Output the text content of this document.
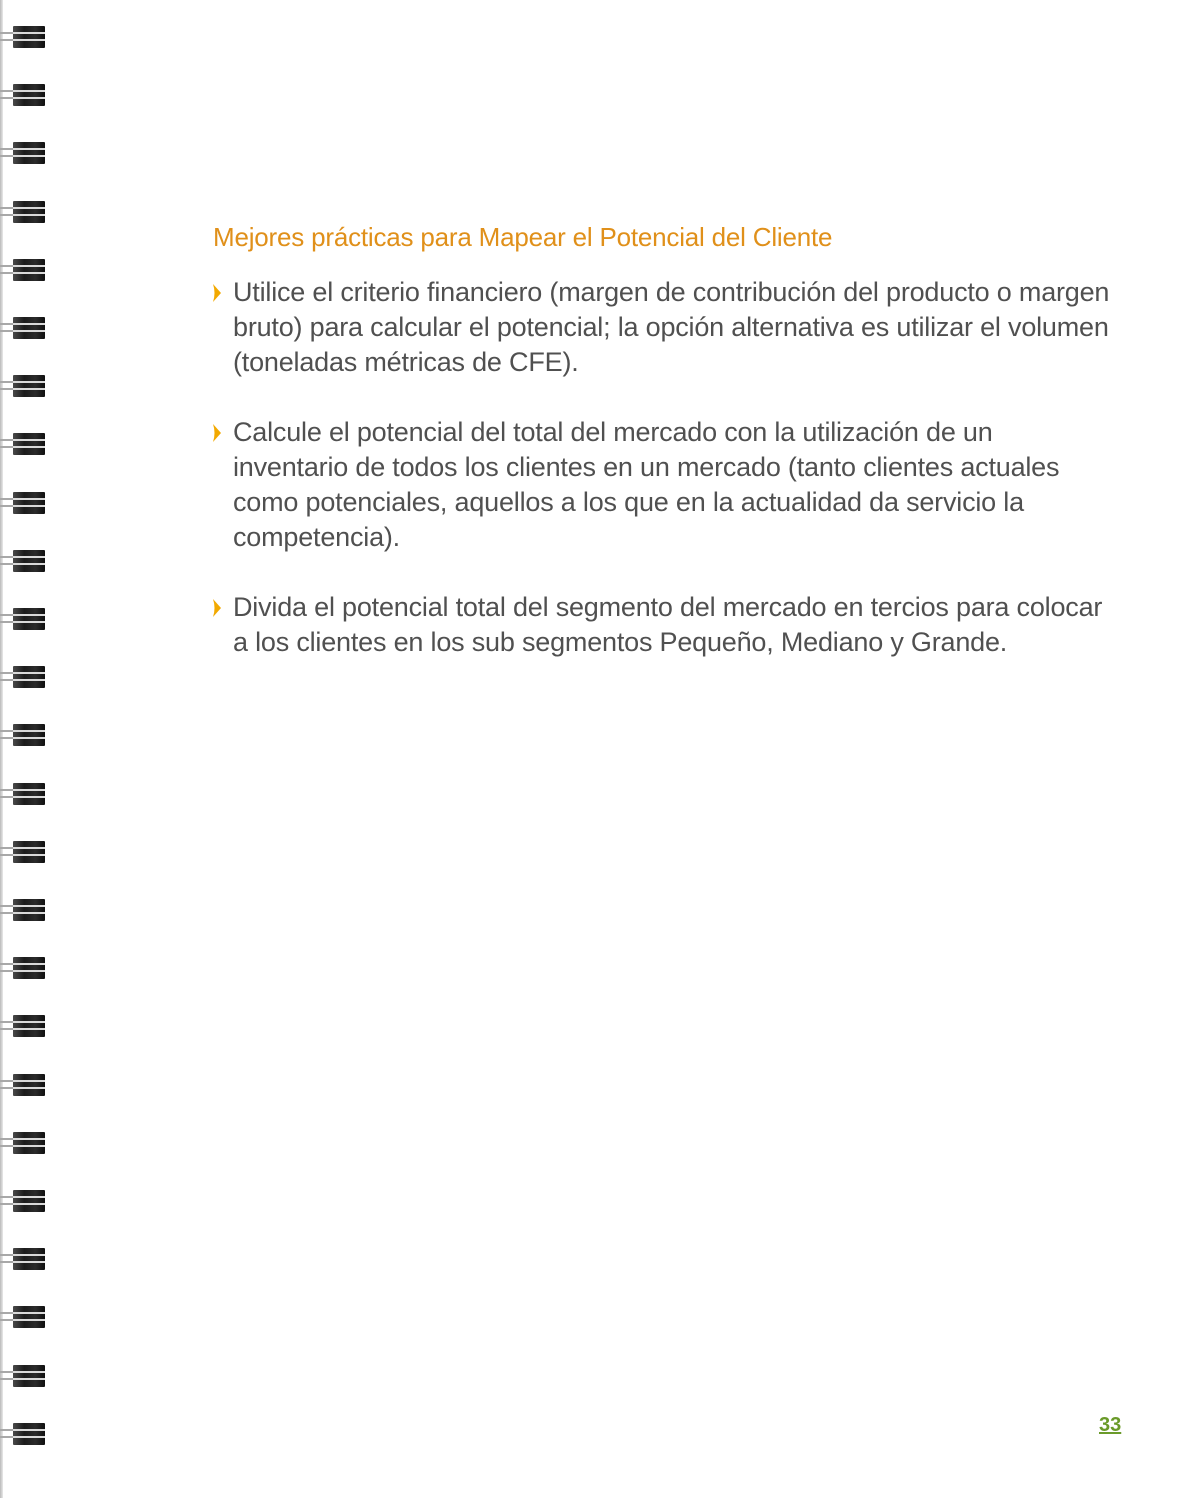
Mejores prácticas para Mapear el Potencial del Cliente
Utilice el criterio financiero (margen de contribución del producto o margen bruto) para calcular el potencial; la opción alternativa es utilizar el volumen (toneladas métricas de CFE).
Calcule el potencial del total del mercado con la utilización de un inventario de todos los clientes en un mercado (tanto clientes actuales como potenciales, aquellos a los que en la actualidad da servicio la competencia).
Divida el potencial total del segmento del mercado en tercios para colocar a los clientes en los sub segmentos Pequeño, Mediano y Grande.
33
